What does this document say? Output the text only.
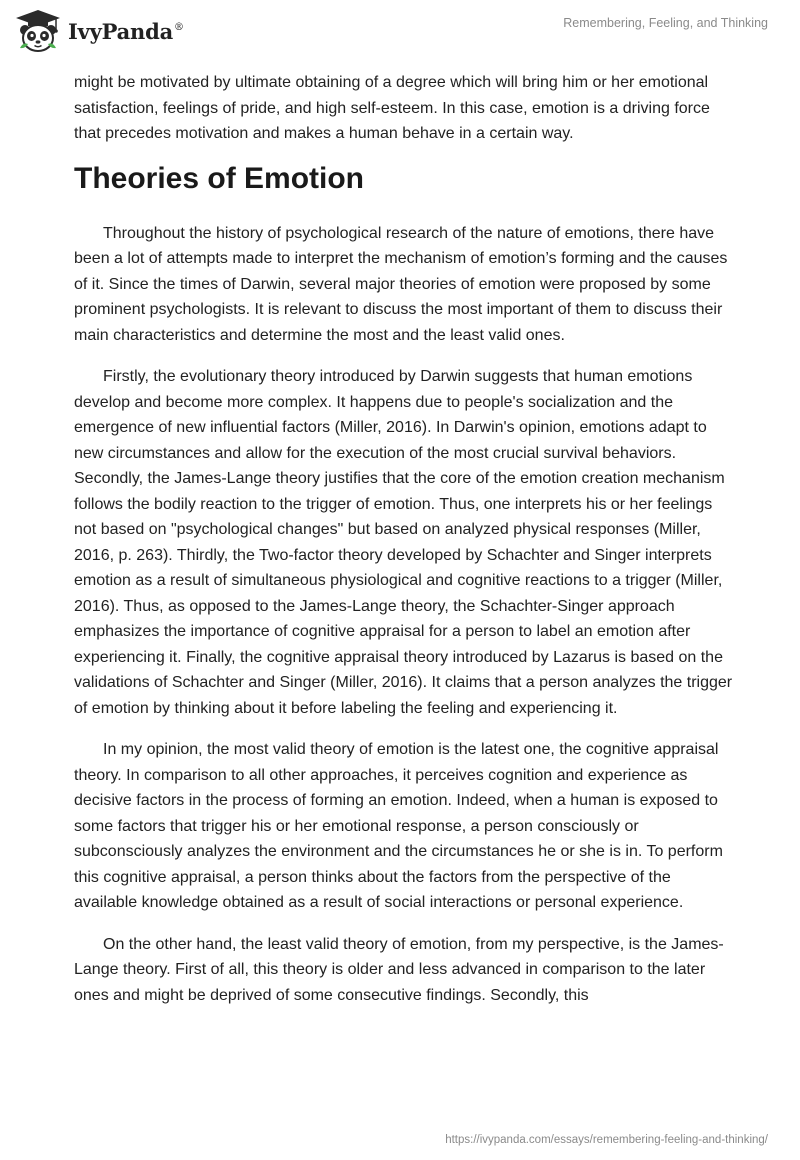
IvyPanda®	Remembering, Feeling, and Thinking

might be motivated by ultimate obtaining of a degree which will bring him or her emotional satisfaction, feelings of pride, and high self-esteem. In this case, emotion is a driving force that precedes motivation and makes a human behave in a certain way.

Theories of Emotion

Throughout the history of psychological research of the nature of emotions, there have been a lot of attempts made to interpret the mechanism of emotion’s forming and the causes of it. Since the times of Darwin, several major theories of emotion were proposed by some prominent psychologists. It is relevant to discuss the most important of them to discuss their main characteristics and determine the most and the least valid ones.

Firstly, the evolutionary theory introduced by Darwin suggests that human emotions develop and become more complex. It happens due to people's socialization and the emergence of new influential factors (Miller, 2016). In Darwin's opinion, emotions adapt to new circumstances and allow for the execution of the most crucial survival behaviors. Secondly, the James-Lange theory justifies that the core of the emotion creation mechanism follows the bodily reaction to the trigger of emotion. Thus, one interprets his or her feelings not based on "psychological changes" but based on analyzed physical responses (Miller, 2016, p. 263). Thirdly, the Two-factor theory developed by Schachter and Singer interprets emotion as a result of simultaneous physiological and cognitive reactions to a trigger (Miller, 2016). Thus, as opposed to the James-Lange theory, the Schachter-Singer approach emphasizes the importance of cognitive appraisal for a person to label an emotion after experiencing it. Finally, the cognitive appraisal theory introduced by Lazarus is based on the validations of Schachter and Singer (Miller, 2016). It claims that a person analyzes the trigger of emotion by thinking about it before labeling the feeling and experiencing it.

In my opinion, the most valid theory of emotion is the latest one, the cognitive appraisal theory. In comparison to all other approaches, it perceives cognition and experience as decisive factors in the process of forming an emotion. Indeed, when a human is exposed to some factors that trigger his or her emotional response, a person consciously or subconsciously analyzes the environment and the circumstances he or she is in. To perform this cognitive appraisal, a person thinks about the factors from the perspective of the available knowledge obtained as a result of social interactions or personal experience.

On the other hand, the least valid theory of emotion, from my perspective, is the James-Lange theory. First of all, this theory is older and less advanced in comparison to the later ones and might be deprived of some consecutive findings. Secondly, this

https://ivypanda.com/essays/remembering-feeling-and-thinking/
